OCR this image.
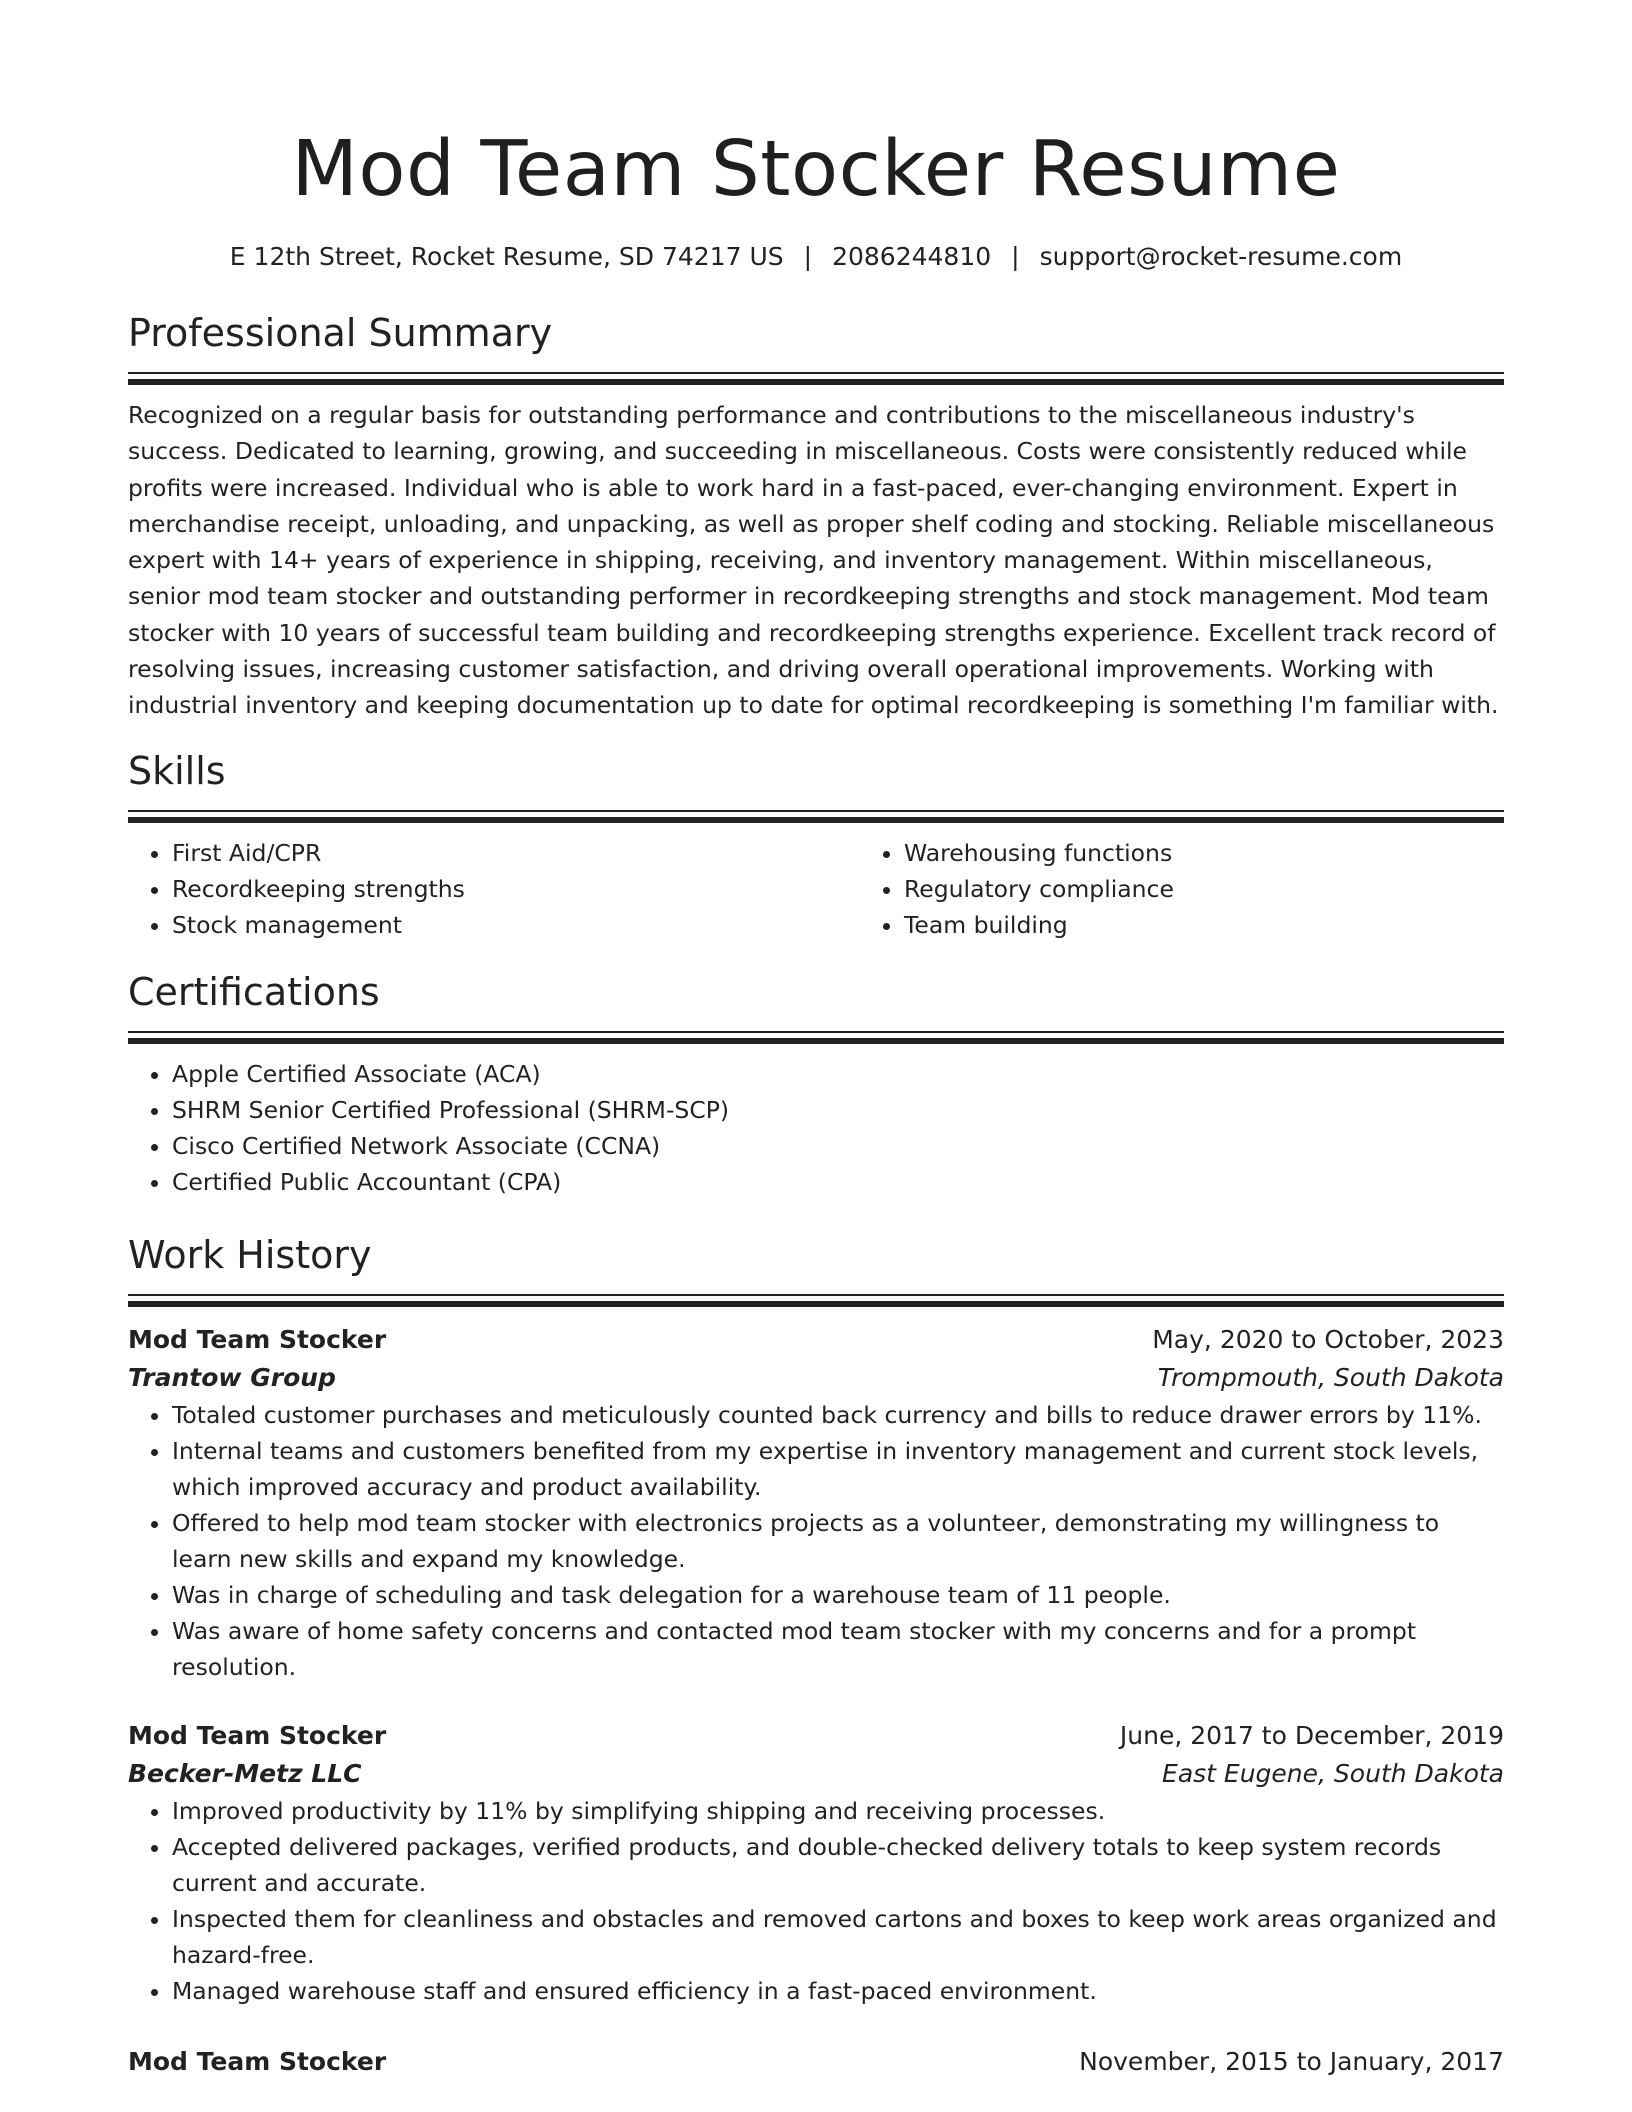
Mod Team Stocker Resume
E 12th Street, Rocket Resume, SD 74217 US | 2086244810 | support@rocket-resume.com
Professional Summary

Recognized on a regular basis for outstanding performance and contributions to the miscellaneous industry's success. Dedicated to learning, growing, and succeeding in miscellaneous. Costs were consistently reduced while profits were increased. Individual who is able to work hard in a fast-paced, ever-changing environment. Expert in merchandise receipt, unloading, and unpacking, as well as proper shelf coding and stocking. Reliable miscellaneous expert with 14+ years of experience in shipping, receiving, and inventory management. Within miscellaneous, senior mod team stocker and outstanding performer in recordkeeping strengths and stock management. Mod team stocker with 10 years of successful team building and recordkeeping strengths experience. Excellent track record of resolving issues, increasing customer satisfaction, and driving overall operational improvements. Working with industrial inventory and keeping documentation up to date for optimal recordkeeping is something I'm familiar with.

Skills
• First Aid/CPR
• Recordkeeping strengths
• Stock management
• Warehousing functions
• Regulatory compliance
• Team building
Certifications
• Apple Certified Associate (ACA)
• SHRM Senior Certified Professional (SHRM-SCP)
• Cisco Certified Network Associate (CCNA)
• Certified Public Accountant (CPA)
Work History
Mod Team Stocker	May, 2020 to October, 2023
Trantow Group	Trompmouth, South Dakota
• Totaled customer purchases and meticulously counted back currency and bills to reduce drawer errors by 11%.
• Internal teams and customers benefited from my expertise in inventory management and current stock levels, which improved accuracy and product availability.
• Offered to help mod team stocker with electronics projects as a volunteer, demonstrating my willingness to learn new skills and expand my knowledge.
• Was in charge of scheduling and task delegation for a warehouse team of 11 people.
• Was aware of home safety concerns and contacted mod team stocker with my concerns and for a prompt resolution.
Mod Team Stocker	June, 2017 to December, 2019
Becker-Metz LLC	East Eugene, South Dakota
• Improved productivity by 11% by simplifying shipping and receiving processes.
• Accepted delivered packages, verified products, and double-checked delivery totals to keep system records current and accurate.
• Inspected them for cleanliness and obstacles and removed cartons and boxes to keep work areas organized and hazard-free.
• Managed warehouse staff and ensured efficiency in a fast-paced environment.
Mod Team Stocker	November, 2015 to January, 2017
